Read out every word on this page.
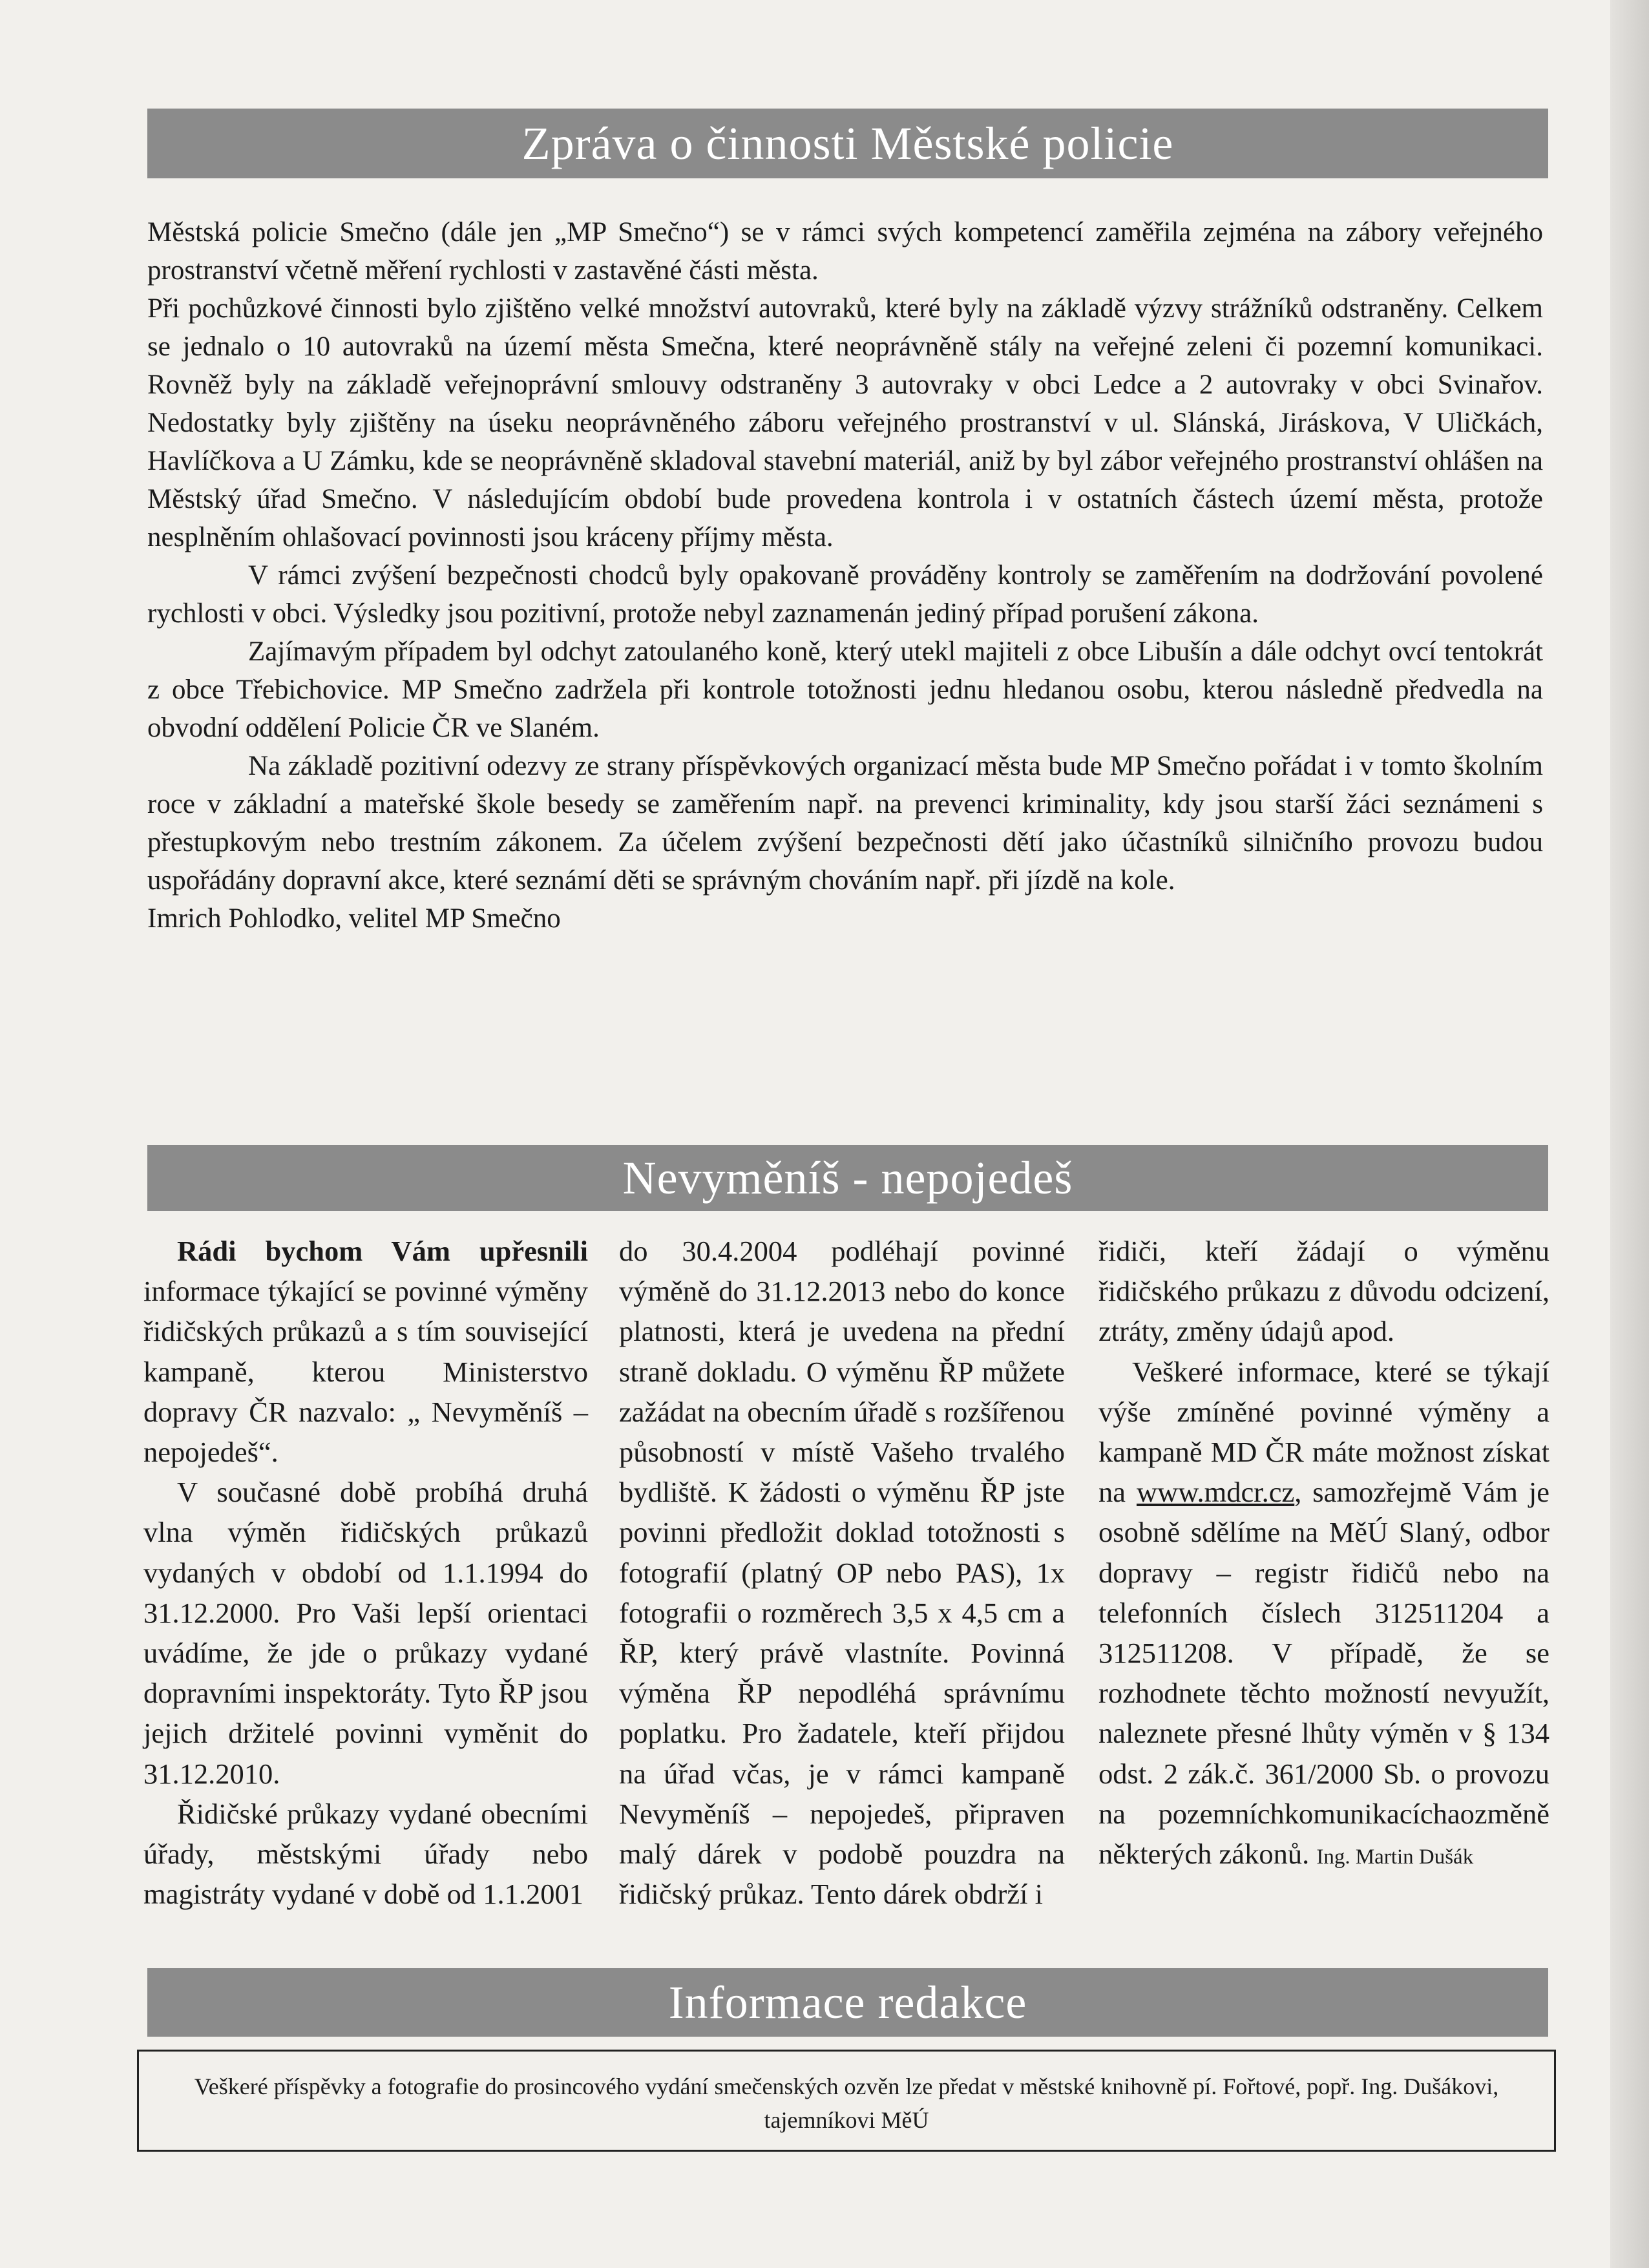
Zpráva o činnosti Městské policie

Městská policie Smečno (dále jen „MP Smečno“) se v rámci svých kompetencí zaměřila zejména na zábory veřejného prostranství včetně měření rychlosti v zastavěné části města.

Při pochůzkové činnosti bylo zjištěno velké množství autovraků, které byly na základě výzvy strážníků odstraněny. Celkem se jednalo o 10 autovraků na území města Smečna, které neoprávněně stály na veřejné zeleni či pozemní komunikaci. Rovněž byly na základě veřejnoprávní smlouvy odstraněny 3 autovraky v obci Ledce a 2 autovraky v obci Svinařov. Nedostatky byly zjištěny na úseku neoprávněného záboru veřejného prostranství v ul. Slánská, Jiráskova, V Uličkách, Havlíčkova a U Zámku, kde se neoprávněně skladoval stavební materiál, aniž by byl zábor veřejného prostranství ohlášen na Městský úřad Smečno. V následujícím období bude provedena kontrola i v ostatních částech území města, protože nesplněním ohlašovací povinnosti jsou kráceny příjmy města.

V rámci zvýšení bezpečnosti chodců byly opakovaně prováděny kontroly se zaměřením na dodržování povolené rychlosti v obci. Výsledky jsou pozitivní, protože nebyl zaznamenán jediný případ porušení zákona.

Zajímavým případem byl odchyt zatoulaného koně, který utekl majiteli z obce Libušín a dále odchyt ovcí tentokrát z obce Třebichovice. MP Smečno zadržela při kontrole totožnosti jednu hledanou osobu, kterou následně předvedla na obvodní oddělení Policie ČR ve Slaném.

Na základě pozitivní odezvy ze strany příspěvkových organizací města bude MP Smečno pořádat i v tomto školním roce v základní a mateřské škole besedy se zaměřením např. na prevenci kriminality, kdy jsou starší žáci seznámeni s přestupkovým nebo trestním zákonem. Za účelem zvýšení bezpečnosti dětí jako účastníků silničního provozu budou uspořádány dopravní akce, které seznámí děti se správným chováním např. při jízdě na kole.

Imrich Pohlodko, velitel MP Smečno

Nevyměníš - nepojedeš

Rádi bychom Vám upřesnili informace týkající se povinné výměny řidičských průkazů a s tím související kampaně, kterou Ministerstvo dopravy ČR nazvalo: „ Nevyměníš – nepojedeš“.

V současné době probíhá druhá vlna výměn řidičských průkazů vydaných v období od 1.1.1994 do 31.12.2000. Pro Vaši lepší orientaci uvádíme, že jde o průkazy vydané dopravními inspektoráty. Tyto ŘP jsou jejich držitelé povinni vyměnit do 31.12.2010.

Řidičské průkazy vydané obecními úřady, městskými úřady nebo magistráty vydané v době od 1.1.2001

do 30.4.2004 podléhají povinné výměně do 31.12.2013 nebo do konce platnosti, která je uvedena na přední straně dokladu. O výměnu ŘP můžete zažádat na obecním úřadě s rozšířenou působností v místě Vašeho trvalého bydliště. K žádosti o výměnu ŘP jste povinni předložit doklad totožnosti s fotografií (platný OP nebo PAS), 1x fotografii o rozměrech 3,5 x 4,5 cm a ŘP, který právě vlastníte. Povinná výměna ŘP nepodléhá správnímu poplatku. Pro žadatele, kteří přijdou na úřad včas, je v rámci kampaně Nevyměníš – nepojedeš, připraven malý dárek v podobě pouzdra na řidičský průkaz. Tento dárek obdrží i

řidiči, kteří žádají o výměnu řidičského průkazu z důvodu odcizení, ztráty, změny údajů apod.

Veškeré informace, které se týkají výše zmíněné povinné výměny a kampaně MD ČR máte možnost získat na www.mdcr.cz, samozřejmě Vám je osobně sdělíme na MěÚ Slaný, odbor dopravy – registr řidičů nebo na telefonních číslech 312511204 a 312511208. V případě, že se rozhodnete těchto možností nevyužít, naleznete přesné lhůty výměn v § 134 odst. 2 zák.č. 361/2000 Sb. o provozu na pozemníchkomunikacíchaozměně některých zákonů. Ing. Martin Dušák

Informace redakce
Veškeré příspěvky a fotografie do prosincového vydání smečenských ozvěn lze předat v městské knihovně pí. Fořtové, popř. Ing. Dušákovi, tajemníkovi MěÚ
